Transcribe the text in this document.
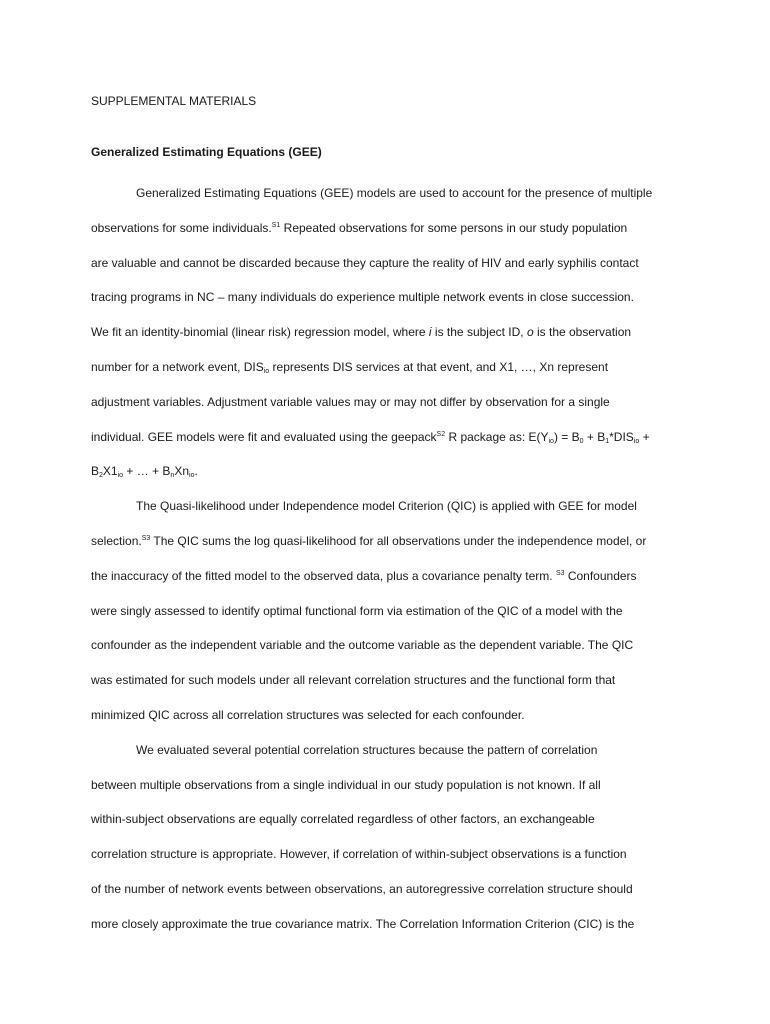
SUPPLEMENTAL MATERIALS
Generalized Estimating Equations (GEE)

Generalized Estimating Equations (GEE) models are used to account for the presence of multiple
observations for some individuals.$^{S1}$ Repeated observations for some persons in our study population
are valuable and cannot be discarded because they capture the reality of HIV and early syphilis contact
tracing programs in NC – many individuals do experience multiple network events in close succession.
We fit an identity-binomial (linear risk) regression model, where i is the subject ID, o is the observation
number for a network event, $DIS_{io}$ represents DIS services at that event, and X1, …, Xn represent
adjustment variables. Adjustment variable values may or may not differ by observation for a single
individual. GEE models were fit and evaluated using the geepack$^{S2}$ R package as: $E(Y_{io}) = B_0 + B_1*DIS_{io}$ +
$B_2X1_{io}$ + … + $B_nXn_{io}$.

The Quasi-likelihood under Independence model Criterion (QIC) is applied with GEE for model
selection.$^{S3}$ The QIC sums the log quasi-likelihood for all observations under the independence model, or
the inaccuracy of the fitted model to the observed data, plus a covariance penalty term. $^{S3}$ Confounders
were singly assessed to identify optimal functional form via estimation of the QIC of a model with the
confounder as the independent variable and the outcome variable as the dependent variable. The QIC
was estimated for such models under all relevant correlation structures and the functional form that
minimized QIC across all correlation structures was selected for each confounder.

We evaluated several potential correlation structures because the pattern of correlation
between multiple observations from a single individual in our study population is not known. If all
within-subject observations are equally correlated regardless of other factors, an exchangeable
correlation structure is appropriate. However, if correlation of within-subject observations is a function
of the number of network events between observations, an autoregressive correlation structure should
more closely approximate the true covariance matrix. The Correlation Information Criterion (CIC) is the
